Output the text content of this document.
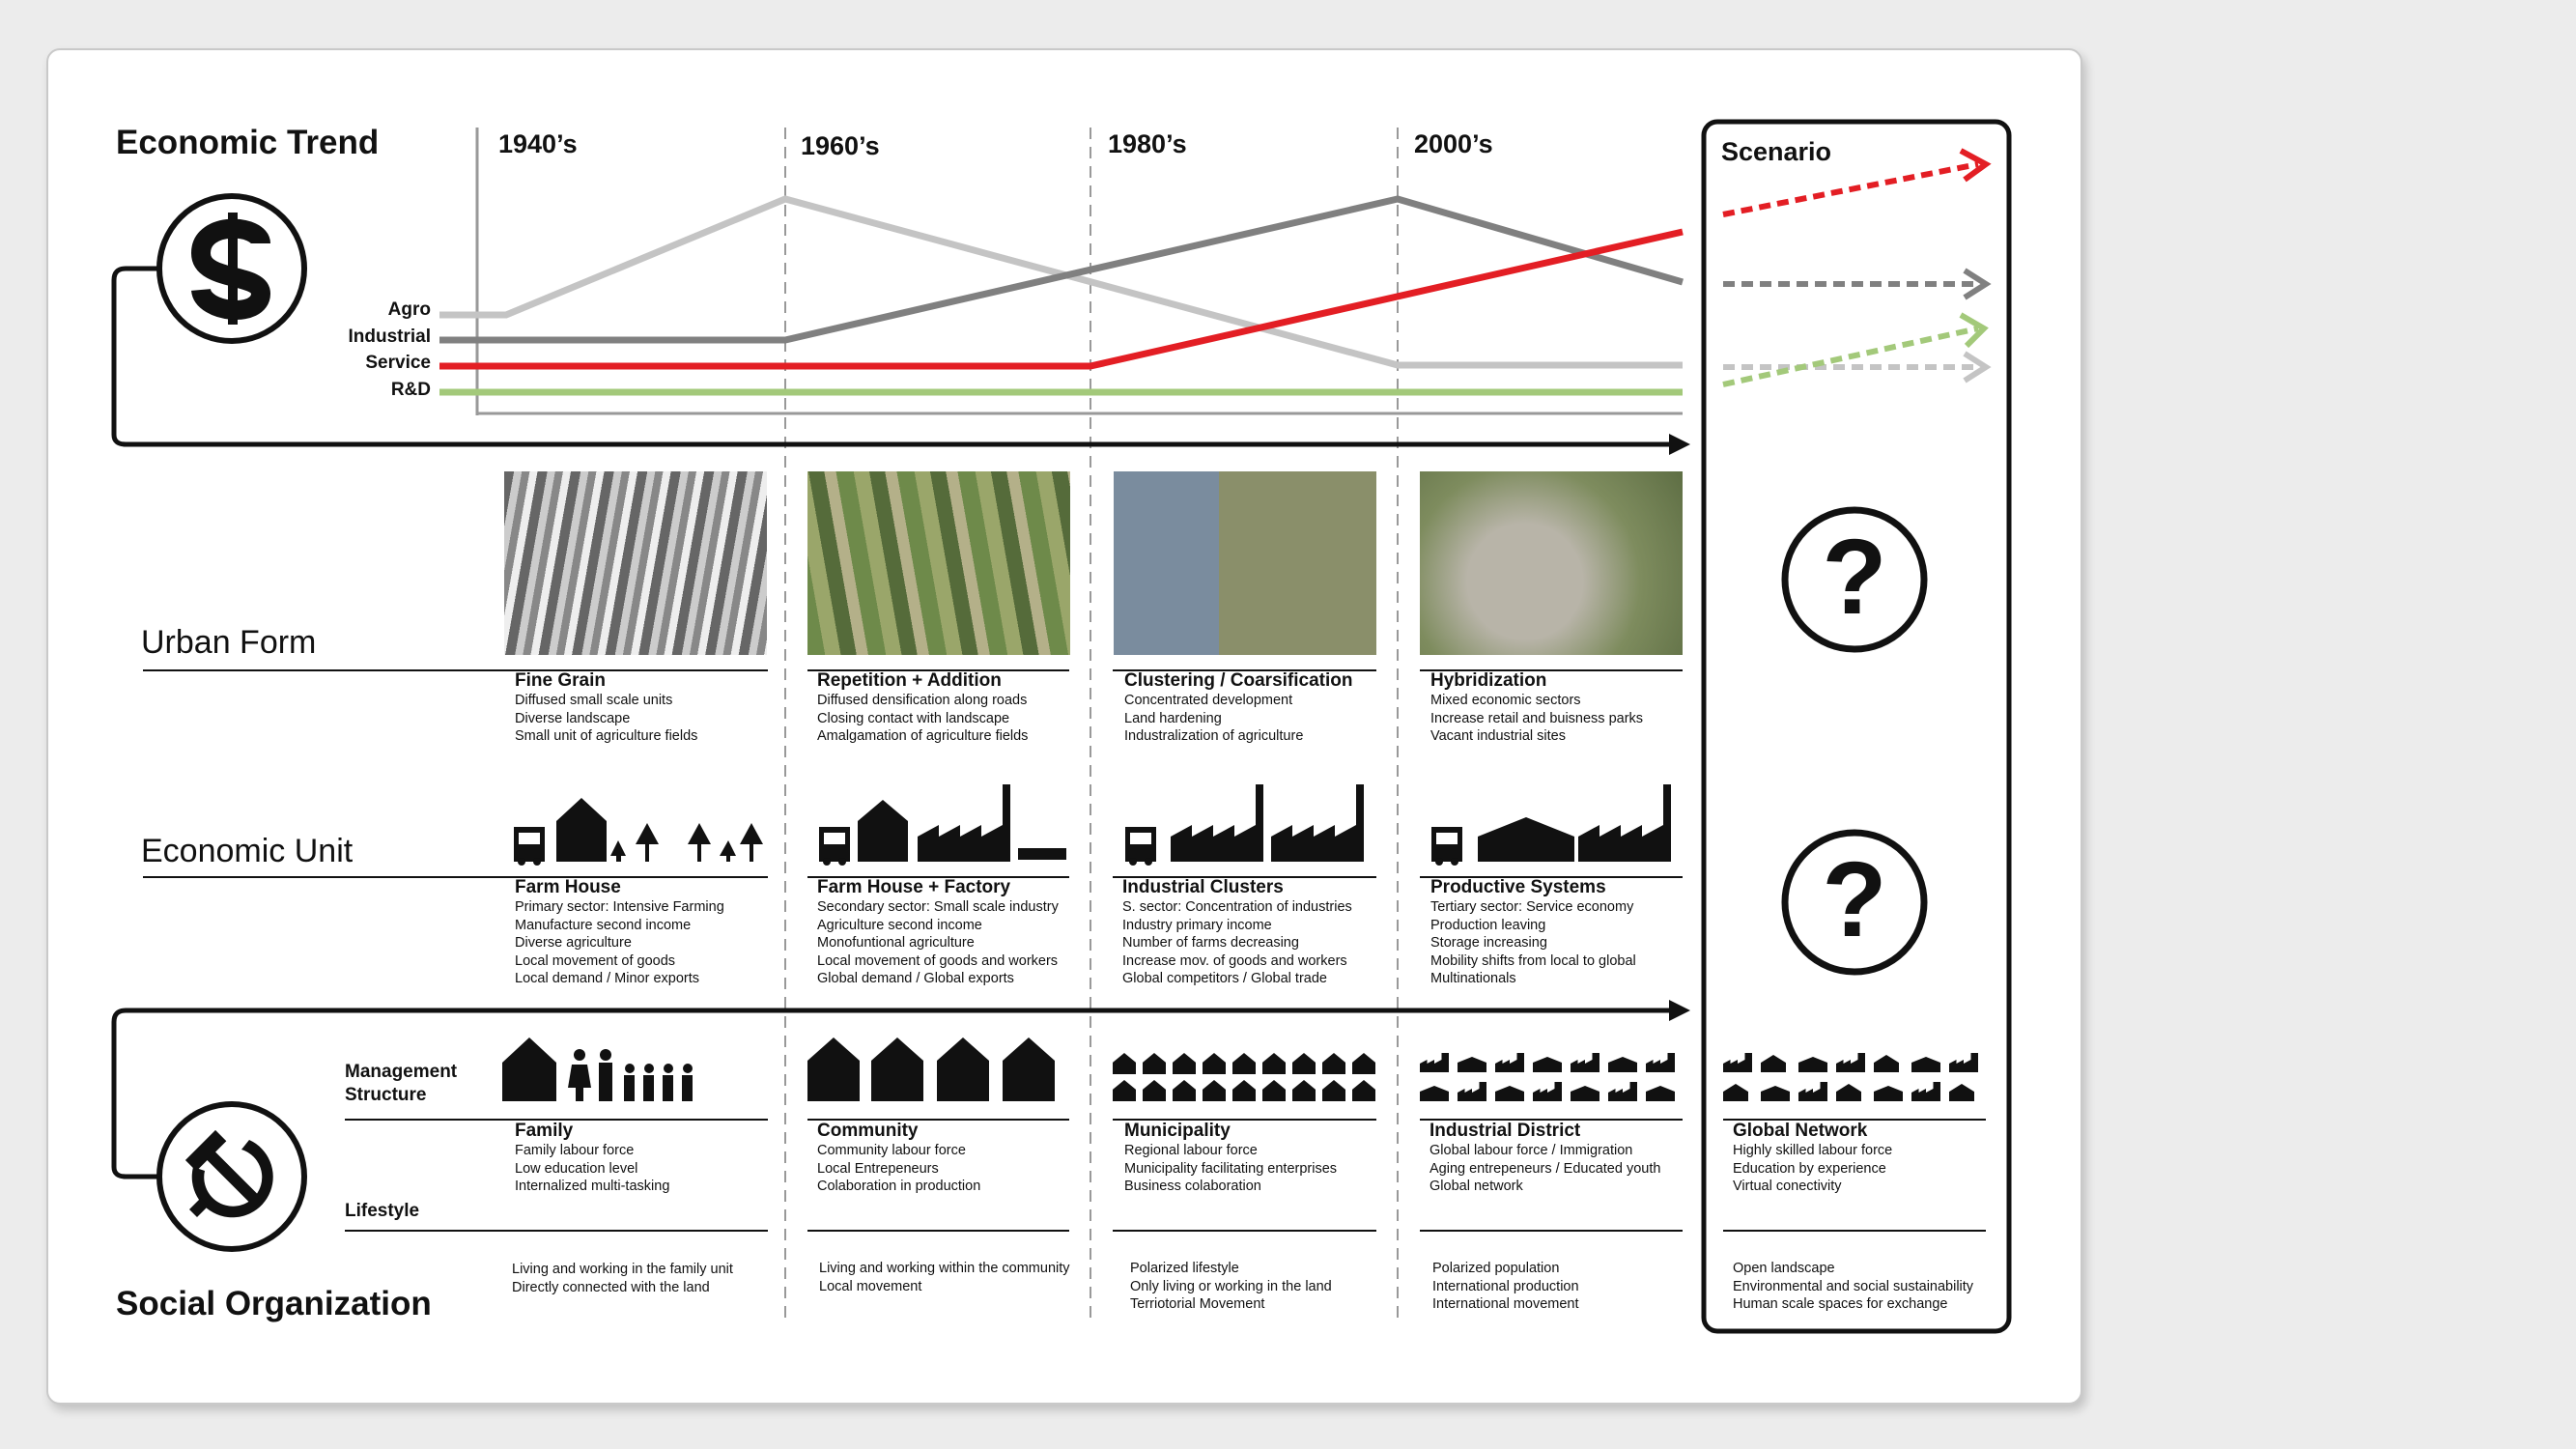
Economic Trend
Urban Form
Economic Unit
Social Organization
Management Structure
Lifestyle
Scenario
1940’s	1960’s	1980’s	2000’s
Agro
Industrial
Service
R&D
?
?
Fine Grain
Diffused small scale units
Diverse landscape
Small unit of agriculture fields
Repetition + Addition
Diffused densification along roads
Closing contact with landscape
Amalgamation of agriculture fields
Clustering / Coarsification
Concentrated development
Land hardening
Industralization of agriculture
Hybridization
Mixed economic sectors
Increase retail and buisness parks
Vacant industrial sites
Farm House
Primary sector: Intensive Farming
Manufacture second income
Diverse agriculture
Local movement of goods
Local demand / Minor exports
Farm House + Factory
Secondary sector: Small scale industry
Agriculture second income
Monofuntional agriculture
Local movement of goods and workers
Global demand / Global exports
Industrial Clusters
S. sector: Concentration of industries
Industry primary income
Number of farms decreasing
Increase mov. of goods and workers
Global competitors / Global trade
Productive Systems
Tertiary sector: Service economy
Production leaving
Storage increasing
Mobility shifts from local to global
Multinationals
Family
Family labour force
Low education level
Internalized multi-tasking
Community
Community labour force
Local Entrepeneurs
Colaboration in production
Municipality
Regional labour force
Municipality facilitating enterprises
Business colaboration
Industrial District
Global labour force / Immigration
Aging entrepeneurs / Educated youth
Global network
Global Network
Highly skilled labour force
Education by experience
Virtual conectivity
Living and working in the family unit
Directly connected with the land
Living and working within the community
Local movement
Polarized lifestyle
Only living or working in the land
Terriotorial Movement
Polarized population
International production
International movement
Open landscape
Environmental and social sustainability
Human scale spaces for exchange
